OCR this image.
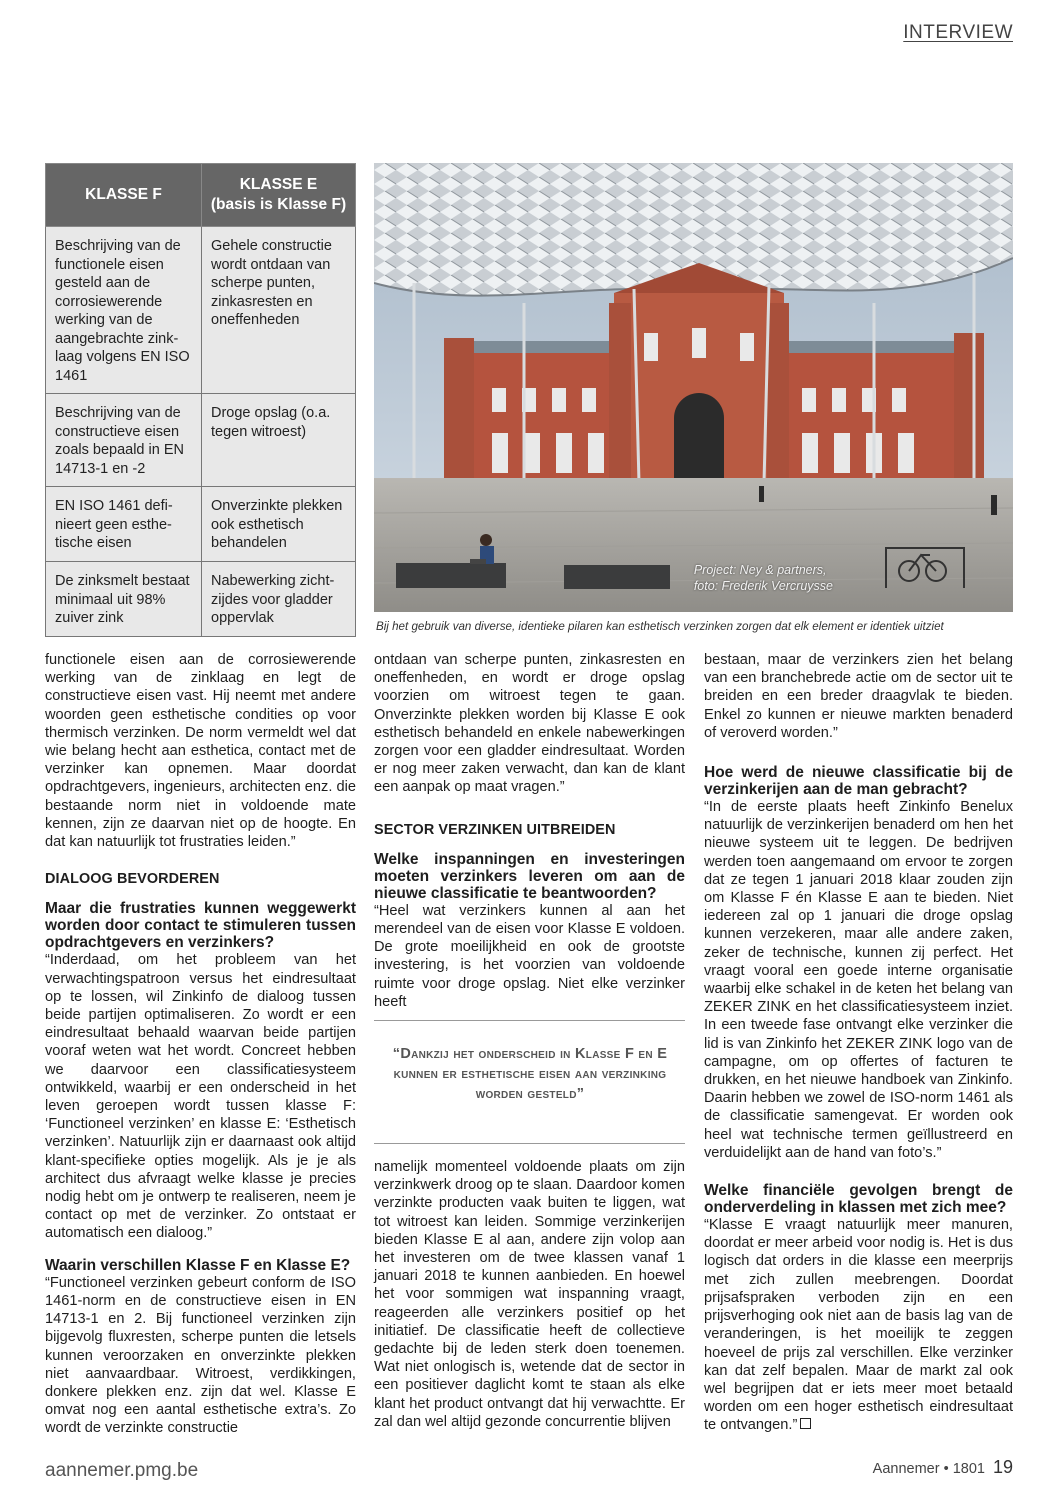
INTERVIEW
KLASSE F	KLASSE E
(basis is Klasse F)
Beschrijving van de functionele eisen gesteld aan de corrosiewerende werking van de aangebrachte zink-laag volgens EN ISO 1461	Gehele constructie wordt ontdaan van scherpe punten, zinkasresten en oneffenheden
Beschrijving van de constructieve eisen zoals bepaald in EN 14713-1 en -2	Droge opslag (o.a. tegen witroest)
EN ISO 1461 defi-nieert geen esthe-tische eisen	Onverzinkte plekken ook esthetisch behandelen
De zinksmelt bestaat minimaal uit 98% zuiver zink	Nabewerking zicht-zijdes voor gladder oppervlak
Project: Ney & partners,
foto: Frederik Vercruysse
Bij het gebruik van diverse, identieke pilaren kan esthetisch verzinken zorgen dat elk element er identiek uitziet

functionele eisen aan de corrosiewerende werking van de zinklaag en legt de constructieve eisen vast. Hij neemt met andere woorden geen esthetische condities op voor thermisch verzinken. De norm vermeldt wel dat wie belang hecht aan esthetica, contact met de verzinker kan opnemen. Maar doordat opdrachtgevers, ingenieurs, architecten enz. die bestaande norm niet in voldoende mate kennen, zijn ze daarvan niet op de hoogte. En dat kan natuurlijk tot frustraties leiden.”

DIALOOG BEVORDEREN

Maar die frustraties kunnen weggewerkt worden door contact te stimuleren tussen opdrachtgevers en verzinkers?

“Inderdaad, om het probleem van het verwachtingspatroon versus het eindresultaat op te lossen, wil Zinkinfo de dialoog tussen beide partijen optimaliseren. Zo wordt er een eindresultaat behaald waarvan beide partijen vooraf weten wat het wordt. Concreet hebben we daarvoor een classificatiesysteem ontwikkeld, waarbij er een onderscheid in het leven geroepen wordt tussen klasse F: ‘Functioneel verzinken’ en klasse E: ‘Esthetisch verzinken’. Natuurlijk zijn er daarnaast ook altijd klant-specifieke opties mogelijk. Als je je als architect dus afvraagt welke klasse je precies nodig hebt om je ontwerp te realiseren, neem je contact op met de verzinker. Zo ontstaat er automatisch een dialoog.”

Waarin verschillen Klasse F en Klasse E?

“Functioneel verzinken gebeurt conform de ISO 1461-norm en de constructieve eisen in EN 14713-1 en 2. Bij functioneel verzinken zijn bijgevolg fluxresten, scherpe punten die letsels kunnen veroorzaken en onverzinkte plekken niet aanvaardbaar. Witroest, verdikkingen, donkere plekken enz. zijn dat wel. Klasse E omvat nog een aantal esthetische extra’s. Zo wordt de verzinkte constructie

ontdaan van scherpe punten, zinkasresten en oneffenheden, en wordt er droge opslag voorzien om witroest tegen te gaan. Onverzinkte plekken worden bij Klasse E ook esthetisch behandeld en enkele nabewerkingen zorgen voor een gladder eindresultaat. Worden er nog meer zaken verwacht, dan kan de klant een aanpak op maat vragen.”

SECTOR VERZINKEN UITBREIDEN

Welke inspanningen en investeringen moeten verzinkers leveren om aan de nieuwe classificatie te beantwoorden?

“Heel wat verzinkers kunnen al aan het merendeel van de eisen voor Klasse E voldoen. De grote moeilijkheid en ook de grootste investering, is het voorzien van voldoende ruimte voor droge opslag. Niet elke verzinker heeft

“Dankzij het onderscheid in Klasse F en E kunnen er esthetische eisen aan verzinking worden gesteld”

namelijk momenteel voldoende plaats om zijn verzinkwerk droog op te slaan. Daardoor komen verzinkte producten vaak buiten te liggen, wat tot witroest kan leiden. Sommige verzinkerijen bieden Klasse E al aan, andere zijn volop aan het investeren om de twee klassen vanaf 1 januari 2018 te kunnen aanbieden. En hoewel het voor sommigen wat inspanning vraagt, reageerden alle verzinkers positief op het initiatief. De classificatie heeft de collectieve gedachte bij de leden sterk doen toenemen. Wat niet onlogisch is, wetende dat de sector in een positiever daglicht komt te staan als elke klant het product ontvangt dat hij verwachtte. Er zal dan wel altijd gezonde concurrentie blijven

bestaan, maar de verzinkers zien het belang van een branchebrede actie om de sector uit te breiden en een breder draagvlak te bieden. Enkel zo kunnen er nieuwe markten benaderd of veroverd worden.”

Hoe werd de nieuwe classificatie bij de verzinkerijen aan de man gebracht?

“In de eerste plaats heeft Zinkinfo Benelux natuurlijk de verzinkerijen benaderd om hen het nieuwe systeem uit te leggen. De bedrijven werden toen aangemaand om ervoor te zorgen dat ze tegen 1 januari 2018 klaar zouden zijn om Klasse F én Klasse E aan te bieden. Niet iedereen zal op 1 januari die droge opslag kunnen verzekeren, maar alle andere zaken, zeker de technische, kunnen zij perfect. Het vraagt vooral een goede interne organisatie waarbij elke schakel in de keten het belang van ZEKER ZINK en het classificatiesysteem inziet. In een tweede fase ontvangt elke verzinker die lid is van Zinkinfo het ZEKER ZINK logo van de campagne, om op offertes of facturen te drukken, en het nieuwe handboek van Zinkinfo. Daarin hebben we zowel de ISO-norm 1461 als de classificatie samengevat. Er worden ook heel wat technische termen geïllustreerd en verduidelijkt aan de hand van foto’s.”

Welke financiële gevolgen brengt de onderverdeling in klassen met zich mee?

“Klasse E vraagt natuurlijk meer manuren, doordat er meer arbeid voor nodig is. Het is dus logisch dat orders in die klasse een meerprijs met zich zullen meebrengen. Doordat prijsafspraken verboden zijn en een prijsverhoging ook niet aan de basis lag van de veranderingen, is het moeilijk te zeggen hoeveel de prijs zal verschillen. Elke verzinker kan dat zelf bepalen. Maar de markt zal ook wel begrijpen dat er iets meer moet betaald worden om een hoger esthetisch eindresultaat te ontvangen.”

aannemer.pmg.be	Aannemer • 1801 19
